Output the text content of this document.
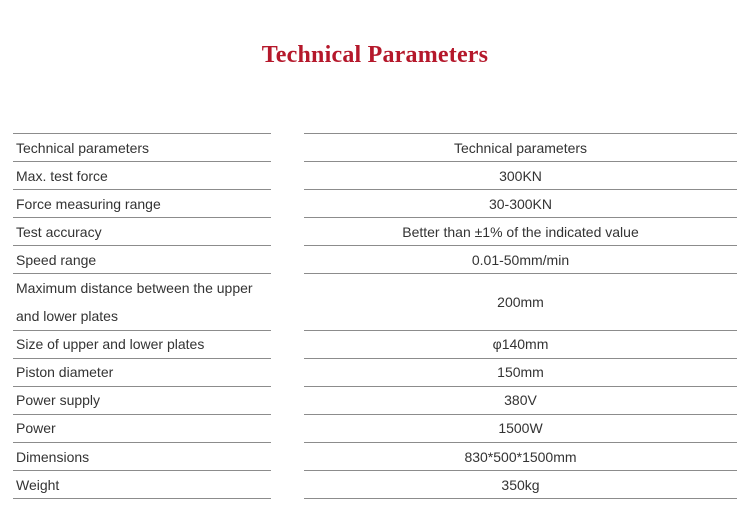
Technical Parameters
Technical parameters
Max. test force
Force measuring range
Test accuracy
Speed range
Maximum distance between the upper and lower plates
Size of upper and lower plates
Piston diameter
Power supply
Power
Dimensions
Weight
Technical parameters
300KN
30-300KN
Better than ±1% of the indicated value
0.01-50mm/min
200mm
φ140mm
150mm
380V
1500W
830*500*1500mm
350kg
